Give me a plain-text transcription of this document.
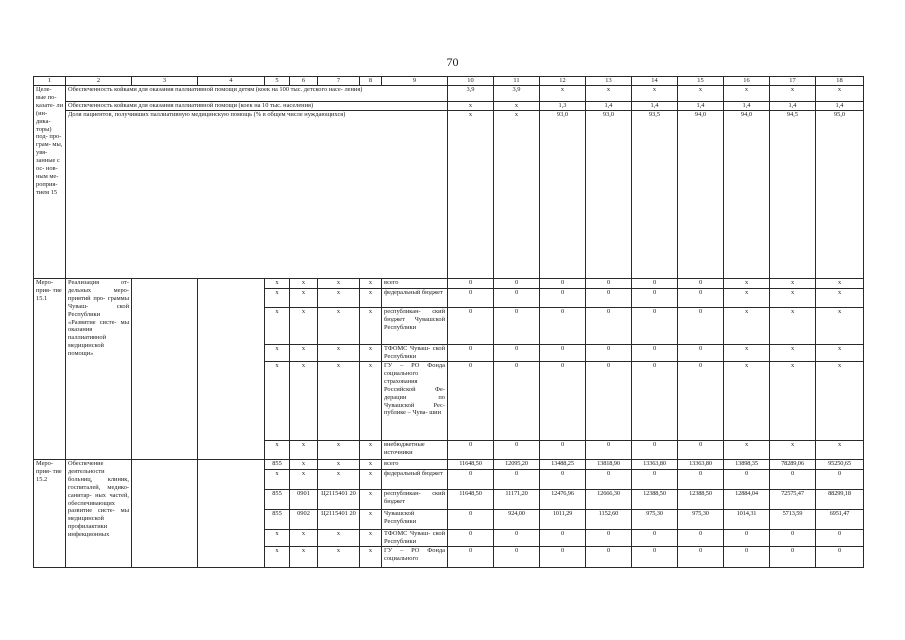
70
1	2	3	4	5	6	7	8	9	10	11	12	13	14	15	16	17	18
Целе- вые по- казате- ли (ин- дика- торы) под- про- грам- мы, увя- занные с ос- нов- ным ме- роприя- тием 15	Обеспеченность койками для оказания паллиативной помощи детям (коек на 100 тыс. детского насе- ления)								3,9	3,9	x	x	x	x	x	x	x
	Обеспеченность койками для оказания паллиативной помощи (коек на 10 тыс. населения)								x	x	1,3	1,4	1,4	1,4	1,4	1,4	1,4
	Доля пациентов, получивших паллиативную медицинскую помощь (% в общем числе нуждающихся)								x	x	93,0	93,0	93,5	94,0	94,0	94,5	95,0
Меро- прия- тие 15.1	Реализация от- дельных меро- приятий про- граммы Чуваш- ской Республики «Развитие систе- мы оказания паллиативной медицинской помощи»			x	x	x	x	всего	0	0	0	0	0	0	x	x	x
				x	x	x	x	федеральный бюджет	0	0	0	0	0	0	x	x	x
				x	x	x	x	республикан- ский бюджет Чувашской Республики	0	0	0	0	0	0	x	x	x
				x	x	x	x	ТФОМС Чуваш- ской Республики	0	0	0	0	0	0	x	x	x
				x	x	x	x	ГУ – РО Фонда социального страхования Российской Фе- дерации по Чувашской Рес- публике – Чува- шии	0	0	0	0	0	0	x	x	x
				x	x	x	x	внебюджетные источники	0	0	0	0	0	0	x	x	x
Меро- прия- тие 15.2	Обеспечение деятельности больниц, клиник, госпиталей, медико-санитар- ных частей, обеспечивающих развитие систе- мы медицинской профилактики инфекционных			855	x	x	x	всего	11648,50	12095,20	13488,25	13818,90	13363,80	13363,80	13898,35	78289,06	95250,65
				x	x	x	x	федеральный бюджет	0	0	0	0	0	0	0	0	0
				855	0901	Ц2115401 20	x	республикан- ский бюджет	11648,50	11171,20	12476,96	12666,30	12388,50	12388,50	12884,04	72575,47	88299,18
				855	0902	Ц2115401 20	x	Чувашской Республики	0	924,00	1011,29	1152,60	975,30	975,30	1014,31	5713,59	6951,47
				x	x	x	x	ТФОМС Чуваш- ской Республики	0	0	0	0	0	0	0	0	0
				x	x	x	x	ГУ – РО Фонда социального	0	0	0	0	0	0	0	0	0
